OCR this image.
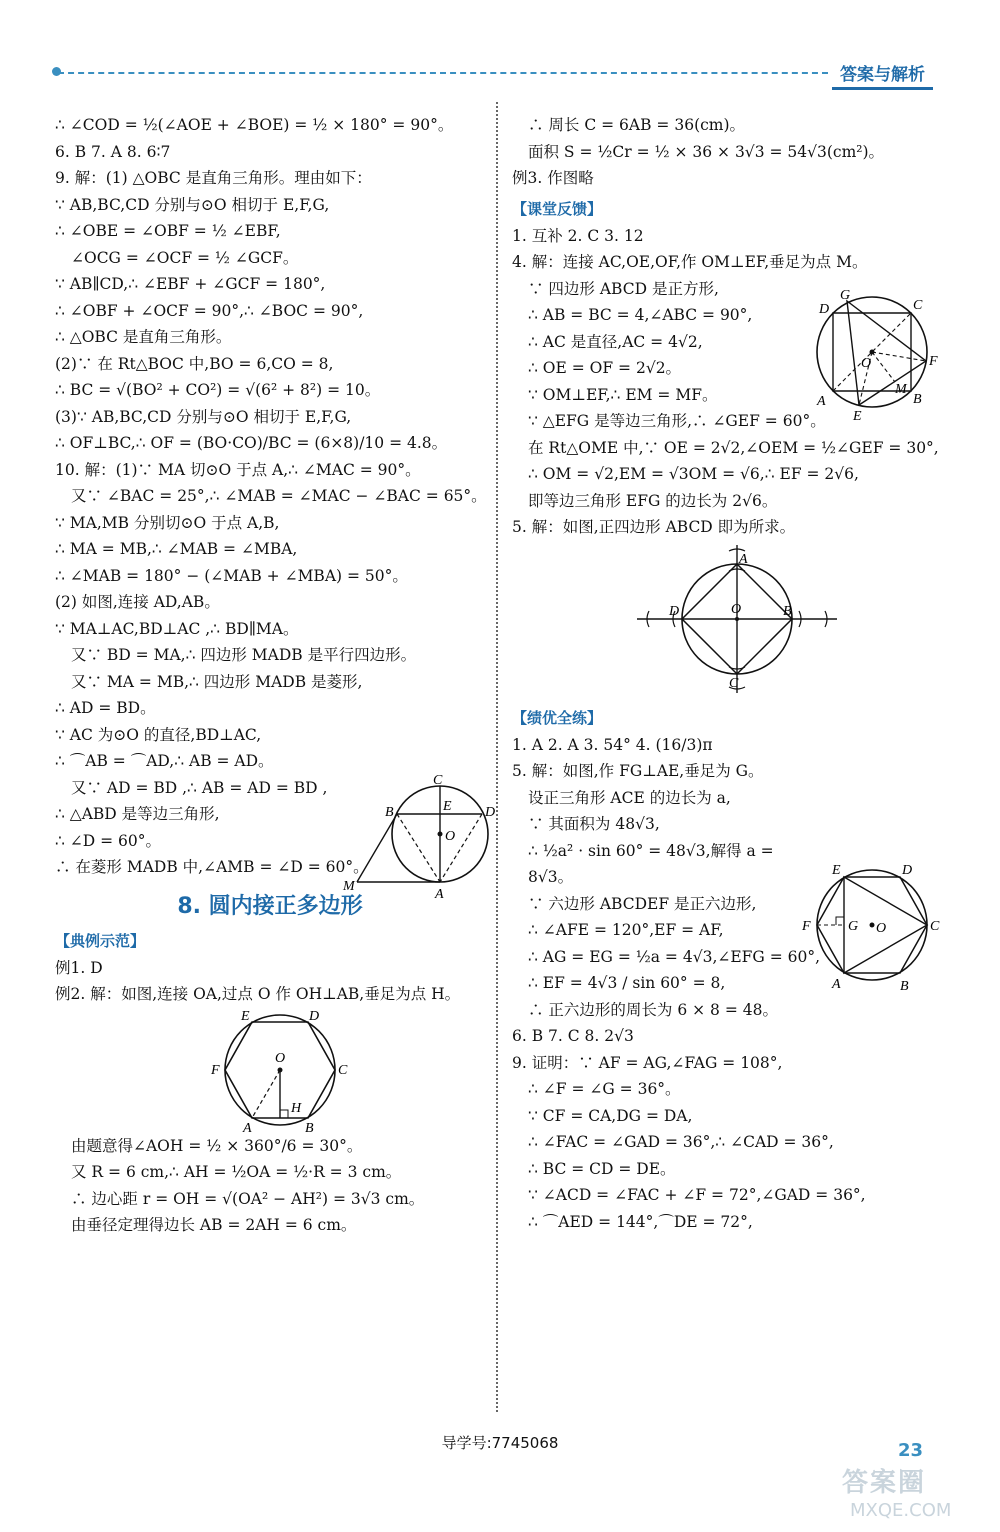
答案与解析
∴ ∠COD = ½(∠AOE + ∠BOE) = ½ × 180° = 90°。
6. B 7. A 8. 6∶7
9. 解：(1) △OBC 是直角三角形。理由如下：
∵ AB,BC,CD 分别与⊙O 相切于 E,F,G,
∴ ∠OBE = ∠OBF = ½ ∠EBF,
∠OCG = ∠OCF = ½ ∠GCF。
∵ AB∥CD,∴ ∠EBF + ∠GCF = 180°,
∴ ∠OBF + ∠OCF = 90°,∴ ∠BOC = 90°,
∴ △OBC 是直角三角形。
(2)∵ 在 Rt△BOC 中,BO = 6,CO = 8,
∴ BC = √(BO² + CO²) = √(6² + 8²) = 10。
(3)∵ AB,BC,CD 分别与⊙O 相切于 E,F,G,
∴ OF⊥BC,∴ OF = (BO·CO)/BC = (6×8)/10 = 4.8。
10. 解：(1)∵ MA 切⊙O 于点 A,∴ ∠MAC = 90°。
又∵ ∠BAC = 25°,∴ ∠MAB = ∠MAC − ∠BAC = 65°。
∵ MA,MB 分别切⊙O 于点 A,B,
∴ MA = MB,∴ ∠MAB = ∠MBA,
∴ ∠MAB = 180° − (∠MAB + ∠MBA) = 50°。
(2) 如图,连接 AD,AB。
∵ MA⊥AC,BD⊥AC ,∴ BD∥MA。
又∵ BD = MA,∴ 四边形 MADB 是平行四边形。
又∵ MA = MB,∴ 四边形 MADB 是菱形,
∴ AD = BD。
∵ AC 为⊙O 的直径,BD⊥AC,
∴ ⌒AB = ⌒AD,∴ AB = AD。
又∵ AD = BD ,∴ AB = AD = BD ,
∴ △ABD 是等边三角形,
∴ ∠D = 60°。
∴ 在菱形 MADB 中,∠AMB = ∠D = 60°。
B
C
E D
O
M
A
8. 圆内接正多边形
【典例示范】
例1. D
例2. 解：如图,连接 OA,过点 O 作 OH⊥AB,垂足为点 H。
E	D
O
F	C
H
A	B
由题意得∠AOH = ½ × 360°/6 = 30°。
又 R = 6 cm,∴ AH = ½OA = ½·R = 3 cm。
∴ 边心距 r = OH = √(OA² − AH²) = 3√3 cm。
由垂径定理得边长 AB = 2AH = 6 cm。
∴ 周长 C = 6AB = 36(cm)。
面积 S = ½Cr = ½ × 36 × 3√3 = 54√3(cm²)。
例3. 作图略
【课堂反馈】
1. 互补 2. C 3. 12
4. 解：连接 AC,OE,OF,作 OM⊥EF,垂足为点 M。
∵ 四边形 ABCD 是正方形,
∴ AB = BC = 4,∠ABC = 90°,
∴ AC 是直径,AC = 4√2,
∴ OE = OF = 2√2。
∵ OM⊥EF,∴ EM = MF。
∵ △EFG 是等边三角形,∴ ∠GEF = 60°。
在 Rt△OME 中,∵ OE = 2√2,∠OEM = ½∠GEF = 30°,
∴ OM = √2,EM = √3OM = √6,∴ EF = 2√6,
即等边三角形 EFG 的边长为 2√6。
5. 解：如图,正四边形 ABCD 即为所求。
D
G
C
F
O
M
A
E
B
A
D	O	B
C
【绩优全练】
1. A 2. A 3. 54° 4. (16/3)π
5. 解：如图,作 FG⊥AE,垂足为 G。
设正三角形 ACE 的边长为 a,
∵ 其面积为 48√3,
∴ ½a² · sin 60° = 48√3,解得 a =
8√3。
∵ 六边形 ABCDEF 是正六边形,
∴ ∠AFE = 120°,EF = AF,
∴ AG = EG = ½a = 4√3,∠EFG = 60°,
∴ EF = 4√3 / sin 60° = 8,
∴ 正六边形的周长为 6 × 8 = 48。
6. B 7. C 8. 2√3
9. 证明：∵ AF = AG,∠FAG = 108°,
∴ ∠F = ∠G = 36°。
∵ CF = CA,DG = DA,
∴ ∠FAC = ∠GAD = 36°,∴ ∠CAD = 36°,
∴ BC = CD = DE。
∵ ∠ACD = ∠FAC + ∠F = 72°,∠GAD = 36°,
∴ ⌒AED = 144°,⌒DE = 72°,
E	D
F	G O	C
A	B
导学号:7745068	23
答案圈
MXQE.COM
